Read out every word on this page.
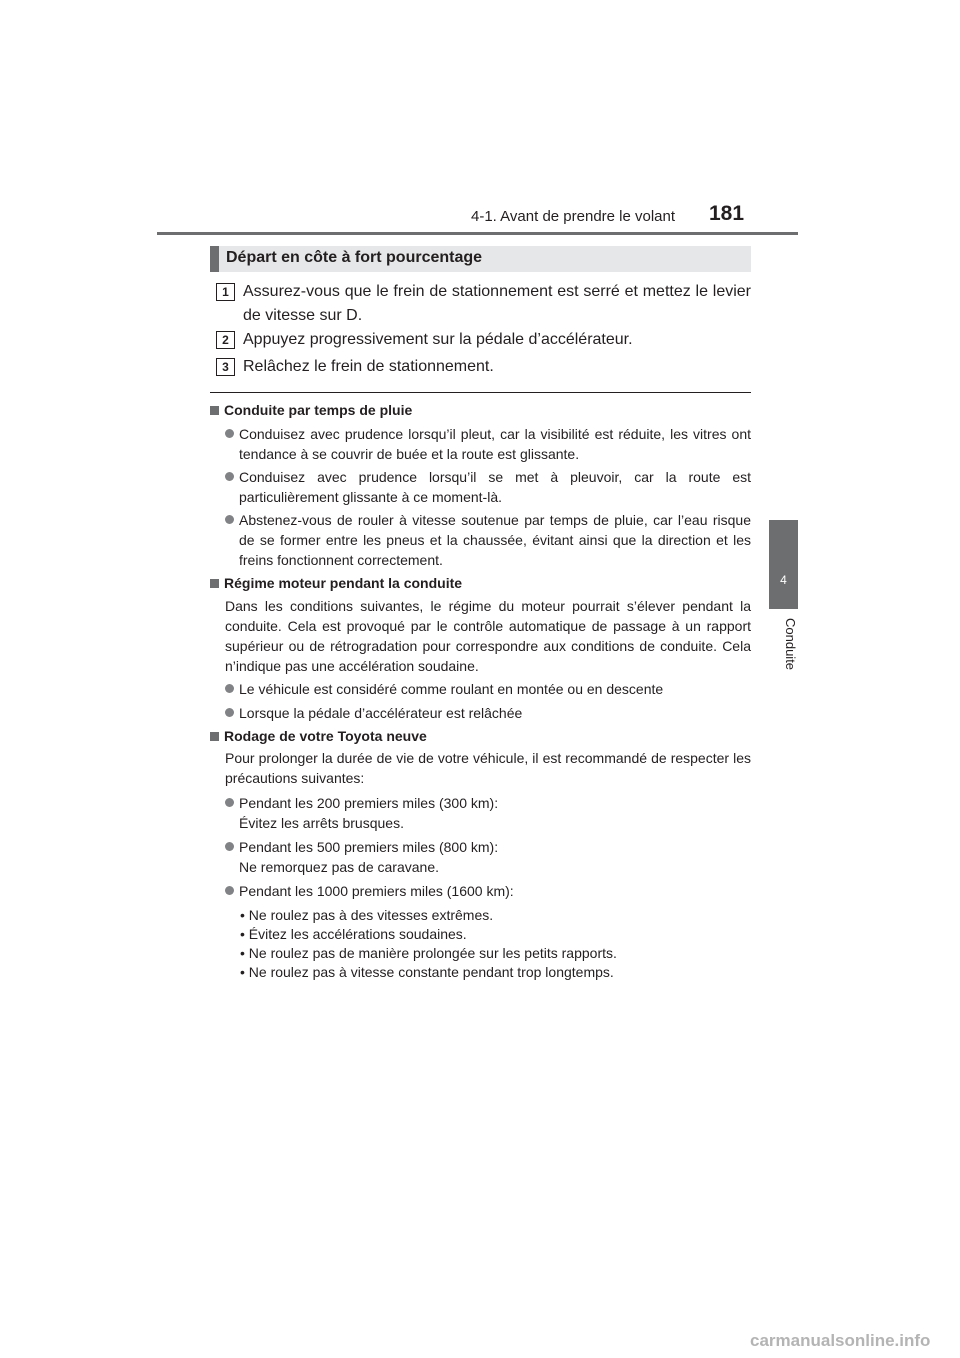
4-1. Avant de prendre le volant 181
4
Conduite
Départ en côte à fort pourcentage
1 Assurez-vous que le frein de stationnement est serré et mettez le levier de vitesse sur D.
2 Appuyez progressivement sur la pédale d’accélérateur.
3 Relâchez le frein de stationnement.
Conduite par temps de pluie
Conduisez avec prudence lorsqu’il pleut, car la visibilité est réduite, les vitres ont tendance à se couvrir de buée et la route est glissante.
Conduisez avec prudence lorsqu’il se met à pleuvoir, car la route est particulièrement glissante à ce moment-là.
Abstenez-vous de rouler à vitesse soutenue par temps de pluie, car l’eau risque de se former entre les pneus et la chaussée, évitant ainsi que la direction et les freins fonctionnent correctement.
Régime moteur pendant la conduite
Dans les conditions suivantes, le régime du moteur pourrait s’élever pendant la conduite. Cela est provoqué par le contrôle automatique de passage à un rapport supérieur ou de rétrogradation pour correspondre aux conditions de conduite. Cela n’indique pas une accélération soudaine.
Le véhicule est considéré comme roulant en montée ou en descente
Lorsque la pédale d’accélérateur est relâchée
Rodage de votre Toyota neuve
Pour prolonger la durée de vie de votre véhicule, il est recommandé de respecter les précautions suivantes:
Pendant les 200 premiers miles (300 km):
Évitez les arrêts brusques.
Pendant les 500 premiers miles (800 km):
Ne remorquez pas de caravane.
Pendant les 1000 premiers miles (1600 km):
• Ne roulez pas à des vitesses extrêmes.
• Évitez les accélérations soudaines.
• Ne roulez pas de manière prolongée sur les petits rapports.
• Ne roulez pas à vitesse constante pendant trop longtemps.
carmanualsonline.info
